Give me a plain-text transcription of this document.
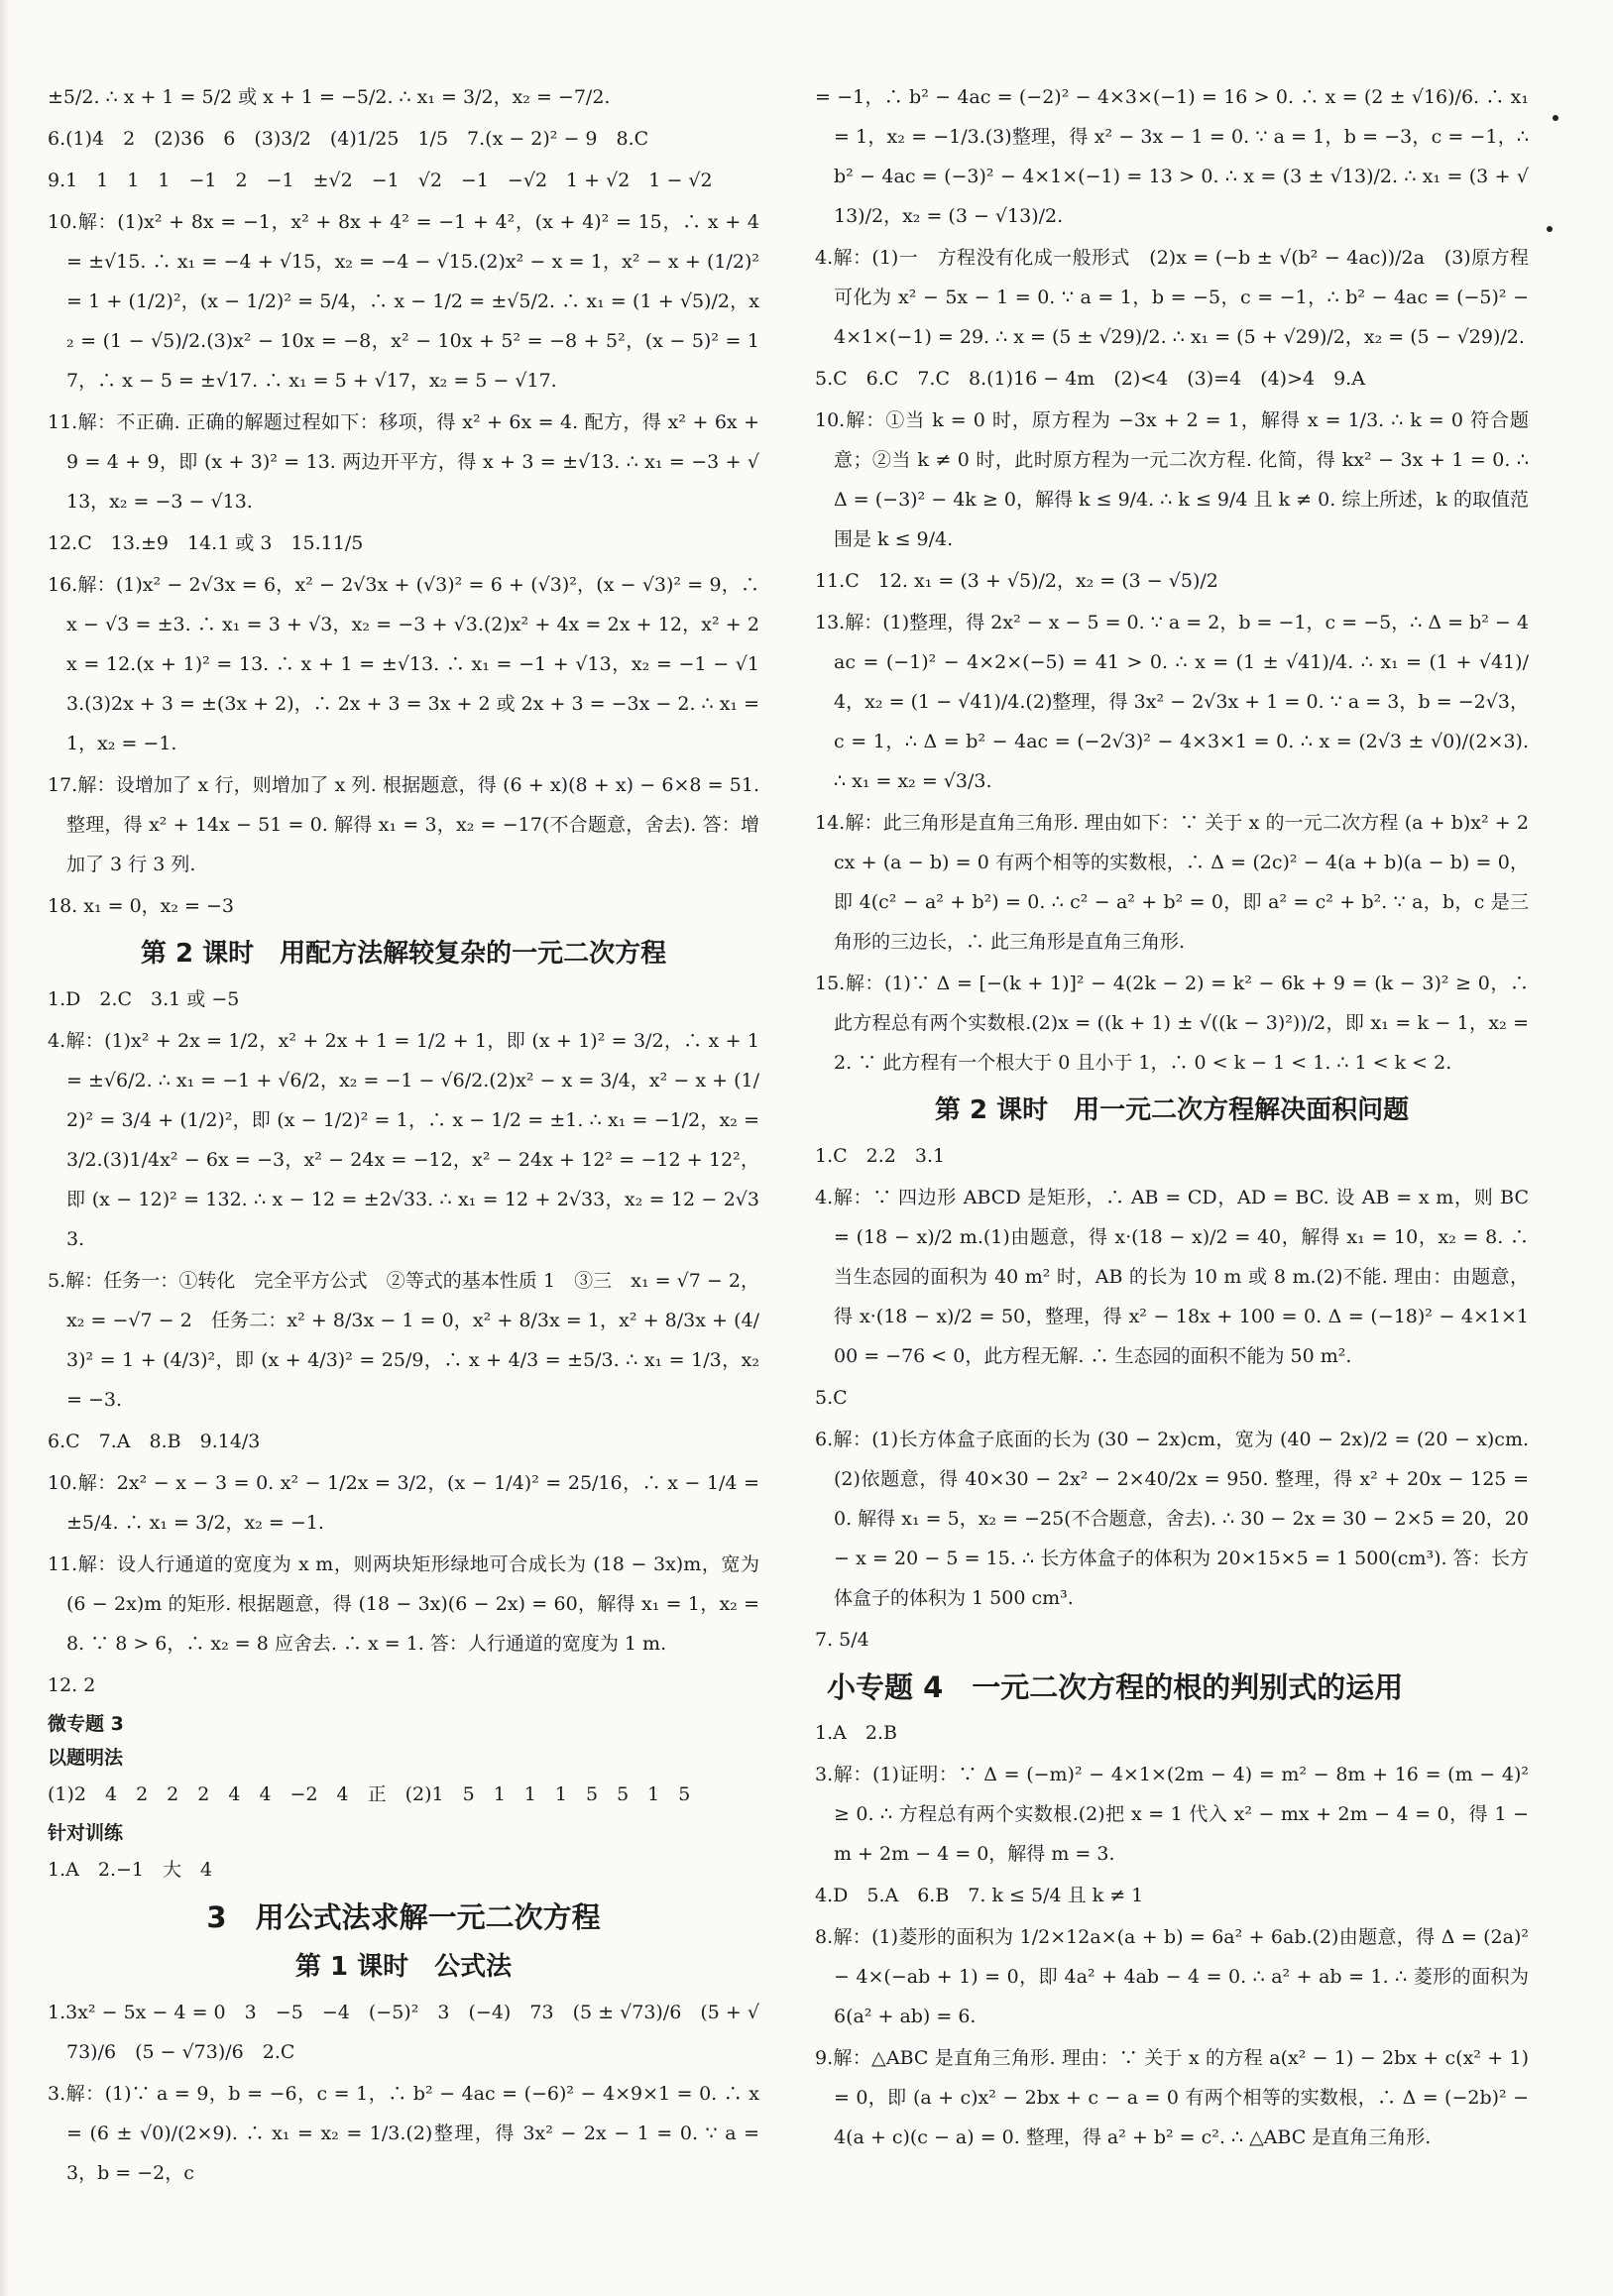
±5/2. ∴ x + 1 = 5/2 或 x + 1 = −5/2. ∴ x₁ = 3/2，x₂ = −7/2.
6.(1)4　2　(2)36　6　(3)3/2　(4)1/25　1/5　7.(x − 2)² − 9　8.C
9.1　1　1　1　−1　2　−1　±√2　−1　√2　−1　−√2　1 + √2　1 − √2
10.解：(1)x² + 8x = −1，x² + 8x + 4² = −1 + 4²，(x + 4)² = 15，∴ x + 4 = ±√15. ∴ x₁ = −4 + √15，x₂ = −4 − √15.(2)x² − x = 1，x² − x + (1/2)² = 1 + (1/2)²，(x − 1/2)² = 5/4，∴ x − 1/2 = ±√5/2. ∴ x₁ = (1 + √5)/2，x₂ = (1 − √5)/2.(3)x² − 10x = −8，x² − 10x + 5² = −8 + 5²，(x − 5)² = 17，∴ x − 5 = ±√17. ∴ x₁ = 5 + √17，x₂ = 5 − √17.
11.解：不正确. 正确的解题过程如下：移项，得 x² + 6x = 4. 配方，得 x² + 6x + 9 = 4 + 9，即 (x + 3)² = 13. 两边开平方，得 x + 3 = ±√13. ∴ x₁ = −3 + √13，x₂ = −3 − √13.
12.C　13.±9　14.1 或 3　15.11/5
16.解：(1)x² − 2√3x = 6，x² − 2√3x + (√3)² = 6 + (√3)²，(x − √3)² = 9，∴ x − √3 = ±3. ∴ x₁ = 3 + √3，x₂ = −3 + √3.(2)x² + 4x = 2x + 12，x² + 2x = 12.(x + 1)² = 13. ∴ x + 1 = ±√13. ∴ x₁ = −1 + √13，x₂ = −1 − √13.(3)2x + 3 = ±(3x + 2)，∴ 2x + 3 = 3x + 2 或 2x + 3 = −3x − 2. ∴ x₁ = 1，x₂ = −1.
17.解：设增加了 x 行，则增加了 x 列. 根据题意，得 (6 + x)(8 + x) − 6×8 = 51. 整理，得 x² + 14x − 51 = 0. 解得 x₁ = 3，x₂ = −17(不合题意，舍去). 答：增加了 3 行 3 列.
18. x₁ = 0，x₂ = −3
第 2 课时　用配方法解较复杂的一元二次方程
1.D　2.C　3.1 或 −5
4.解：(1)x² + 2x = 1/2，x² + 2x + 1 = 1/2 + 1，即 (x + 1)² = 3/2，∴ x + 1 = ±√6/2. ∴ x₁ = −1 + √6/2，x₂ = −1 − √6/2.(2)x² − x = 3/4，x² − x + (1/2)² = 3/4 + (1/2)²，即 (x − 1/2)² = 1，∴ x − 1/2 = ±1. ∴ x₁ = −1/2，x₂ = 3/2.(3)1/4x² − 6x = −3，x² − 24x = −12，x² − 24x + 12² = −12 + 12²，即 (x − 12)² = 132. ∴ x − 12 = ±2√33. ∴ x₁ = 12 + 2√33，x₂ = 12 − 2√33.
5.解：任务一：①转化　完全平方公式　②等式的基本性质 1　③三　x₁ = √7 − 2，x₂ = −√7 − 2　任务二：x² + 8/3x − 1 = 0，x² + 8/3x = 1，x² + 8/3x + (4/3)² = 1 + (4/3)²，即 (x + 4/3)² = 25/9，∴ x + 4/3 = ±5/3. ∴ x₁ = 1/3，x₂ = −3.
6.C　7.A　8.B　9.14/3
10.解：2x² − x − 3 = 0. x² − 1/2x = 3/2，(x − 1/4)² = 25/16，∴ x − 1/4 = ±5/4. ∴ x₁ = 3/2，x₂ = −1.
11.解：设人行通道的宽度为 x m，则两块矩形绿地可合成长为 (18 − 3x)m，宽为 (6 − 2x)m 的矩形. 根据题意，得 (18 − 3x)(6 − 2x) = 60，解得 x₁ = 1，x₂ = 8. ∵ 8 > 6，∴ x₂ = 8 应舍去. ∴ x = 1. 答：人行通道的宽度为 1 m.
12. 2
微专题 3
以题明法
(1)2　4　2　2　2　4　4　−2　4　正　(2)1　5　1　1　1　5　5　1　5
针对训练
1.A　2.−1　大　4
3　用公式法求解一元二次方程
第 1 课时　公式法
1.3x² − 5x − 4 = 0　3　−5　−4　(−5)²　3　(−4)　73　(5 ± √73)/6　(5 + √73)/6　(5 − √73)/6　2.C
3.解：(1)∵ a = 9，b = −6，c = 1，∴ b² − 4ac = (−6)² − 4×9×1 = 0. ∴ x = (6 ± √0)/(2×9). ∴ x₁ = x₂ = 1/3.(2)整理，得 3x² − 2x − 1 = 0. ∵ a = 3，b = −2，c
= −1，∴ b² − 4ac = (−2)² − 4×3×(−1) = 16 > 0. ∴ x = (2 ± √16)/6. ∴ x₁ = 1，x₂ = −1/3.(3)整理，得 x² − 3x − 1 = 0. ∵ a = 1，b = −3，c = −1，∴ b² − 4ac = (−3)² − 4×1×(−1) = 13 > 0. ∴ x = (3 ± √13)/2. ∴ x₁ = (3 + √13)/2，x₂ = (3 − √13)/2.
4.解：(1)一　方程没有化成一般形式　(2)x = (−b ± √(b² − 4ac))/2a　(3)原方程可化为 x² − 5x − 1 = 0. ∵ a = 1，b = −5，c = −1，∴ b² − 4ac = (−5)² − 4×1×(−1) = 29. ∴ x = (5 ± √29)/2. ∴ x₁ = (5 + √29)/2，x₂ = (5 − √29)/2.
5.C　6.C　7.C　8.(1)16 − 4m　(2)<4　(3)=4　(4)>4　9.A
10.解：①当 k = 0 时，原方程为 −3x + 2 = 1，解得 x = 1/3. ∴ k = 0 符合题意；②当 k ≠ 0 时，此时原方程为一元二次方程. 化简，得 kx² − 3x + 1 = 0. ∴ Δ = (−3)² − 4k ≥ 0，解得 k ≤ 9/4. ∴ k ≤ 9/4 且 k ≠ 0. 综上所述，k 的取值范围是 k ≤ 9/4.
11.C　12. x₁ = (3 + √5)/2，x₂ = (3 − √5)/2
13.解：(1)整理，得 2x² − x − 5 = 0. ∵ a = 2，b = −1，c = −5，∴ Δ = b² − 4ac = (−1)² − 4×2×(−5) = 41 > 0. ∴ x = (1 ± √41)/4. ∴ x₁ = (1 + √41)/4，x₂ = (1 − √41)/4.(2)整理，得 3x² − 2√3x + 1 = 0. ∵ a = 3，b = −2√3，c = 1，∴ Δ = b² − 4ac = (−2√3)² − 4×3×1 = 0. ∴ x = (2√3 ± √0)/(2×3). ∴ x₁ = x₂ = √3/3.
14.解：此三角形是直角三角形. 理由如下：∵ 关于 x 的一元二次方程 (a + b)x² + 2cx + (a − b) = 0 有两个相等的实数根，∴ Δ = (2c)² − 4(a + b)(a − b) = 0，即 4(c² − a² + b²) = 0. ∴ c² − a² + b² = 0，即 a² = c² + b². ∵ a，b，c 是三角形的三边长，∴ 此三角形是直角三角形.
15.解：(1)∵ Δ = [−(k + 1)]² − 4(2k − 2) = k² − 6k + 9 = (k − 3)² ≥ 0，∴ 此方程总有两个实数根.(2)x = ((k + 1) ± √((k − 3)²))/2，即 x₁ = k − 1，x₂ = 2. ∵ 此方程有一个根大于 0 且小于 1，∴ 0 < k − 1 < 1. ∴ 1 < k < 2.
第 2 课时　用一元二次方程解决面积问题
1.C　2.2　3.1
4.解：∵ 四边形 ABCD 是矩形，∴ AB = CD，AD = BC. 设 AB = x m，则 BC = (18 − x)/2 m.(1)由题意，得 x·(18 − x)/2 = 40，解得 x₁ = 10，x₂ = 8. ∴ 当生态园的面积为 40 m² 时，AB 的长为 10 m 或 8 m.(2)不能. 理由：由题意，得 x·(18 − x)/2 = 50，整理，得 x² − 18x + 100 = 0. Δ = (−18)² − 4×1×100 = −76 < 0，此方程无解. ∴ 生态园的面积不能为 50 m².
5.C
6.解：(1)长方体盒子底面的长为 (30 − 2x)cm，宽为 (40 − 2x)/2 = (20 − x)cm.(2)依题意，得 40×30 − 2x² − 2×40/2x = 950. 整理，得 x² + 20x − 125 = 0. 解得 x₁ = 5，x₂ = −25(不合题意，舍去). ∴ 30 − 2x = 30 − 2×5 = 20，20 − x = 20 − 5 = 15. ∴ 长方体盒子的体积为 20×15×5 = 1 500(cm³). 答：长方体盒子的体积为 1 500 cm³.
7. 5/4
小专题 4　一元二次方程的根的判别式的运用
1.A　2.B
3.解：(1)证明：∵ Δ = (−m)² − 4×1×(2m − 4) = m² − 8m + 16 = (m − 4)² ≥ 0. ∴ 方程总有两个实数根.(2)把 x = 1 代入 x² − mx + 2m − 4 = 0，得 1 − m + 2m − 4 = 0，解得 m = 3.
4.D　5.A　6.B　7. k ≤ 5/4 且 k ≠ 1
8.解：(1)菱形的面积为 1/2×12a×(a + b) = 6a² + 6ab.(2)由题意，得 Δ = (2a)² − 4×(−ab + 1) = 0，即 4a² + 4ab − 4 = 0. ∴ a² + ab = 1. ∴ 菱形的面积为 6(a² + ab) = 6.
9.解：△ABC 是直角三角形. 理由：∵ 关于 x 的方程 a(x² − 1) − 2bx + c(x² + 1) = 0，即 (a + c)x² − 2bx + c − a = 0 有两个相等的实数根，∴ Δ = (−2b)² − 4(a + c)(c − a) = 0. 整理，得 a² + b² = c². ∴ △ABC 是直角三角形.
